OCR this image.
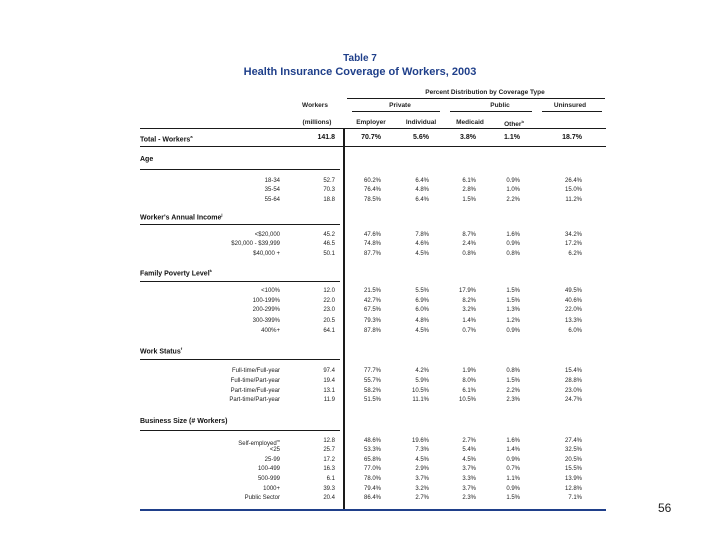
Table 7
Health Insurance Coverage of Workers, 2003
Percent Distribution by Coverage Type
Workers	Private	Public	Uninsured
(millions)	Employer	Individual	Medicaid	Other$^b$
Total - Workers$^a$	141.8	70.7%	5.6%	3.8%	1.1%	18.7%
Age
18-34	52.7	60.2%	6.4%	6.1%	0.9%	26.4%
35-54	70.3	76.4%	4.8%	2.8%	1.0%	15.0%
55-64	18.8	78.5%	6.4%	1.5%	2.2%	11.2%
Worker's Annual Income$^j$
<$20,000	45.2	47.6%	7.8%	8.7%	1.6%	34.2%
$20,000 - $39,999	46.5	74.8%	4.6%	2.4%	0.9%	17.2%
$40,000 +	50.1	87.7%	4.5%	0.8%	0.8%	6.2%
Family Poverty Level$^k$
<100%	12.0	21.5%	5.5%	17.9%	1.5%	49.5%
100-199%	22.0	42.7%	6.9%	8.2%	1.5%	40.6%
200-299%	23.0	67.5%	6.0%	3.2%	1.3%	22.0%
300-399%	20.5	79.3%	4.8%	1.4%	1.2%	13.3%
400%+	64.1	87.8%	4.5%	0.7%	0.9%	6.0%
Work Status$^f$
Full-time/Full-year	97.4	77.7%	4.2%	1.9%	0.8%	15.4%
Full-time/Part-year	19.4	55.7%	5.9%	8.0%	1.5%	28.8%
Part-time/Full-year	13.1	58.2%	10.5%	6.1%	2.2%	23.0%
Part-time/Part-year	11.9	51.5%	11.1%	10.5%	2.3%	24.7%
Business Size (# Workers)
Self-employed$^m$	12.8	48.6%	19.6%	2.7%	1.6%	27.4%
<25	25.7	53.3%	7.3%	5.4%	1.4%	32.5%
25-99	17.2	65.8%	4.5%	4.5%	0.9%	20.5%
100-499	16.3	77.0%	2.9%	3.7%	0.7%	15.5%
500-999	6.1	78.0%	3.7%	3.3%	1.1%	13.9%
1000+	39.3	79.4%	3.2%	3.7%	0.9%	12.8%
Public Sector	20.4	86.4%	2.7%	2.3%	1.5%	7.1%
56
